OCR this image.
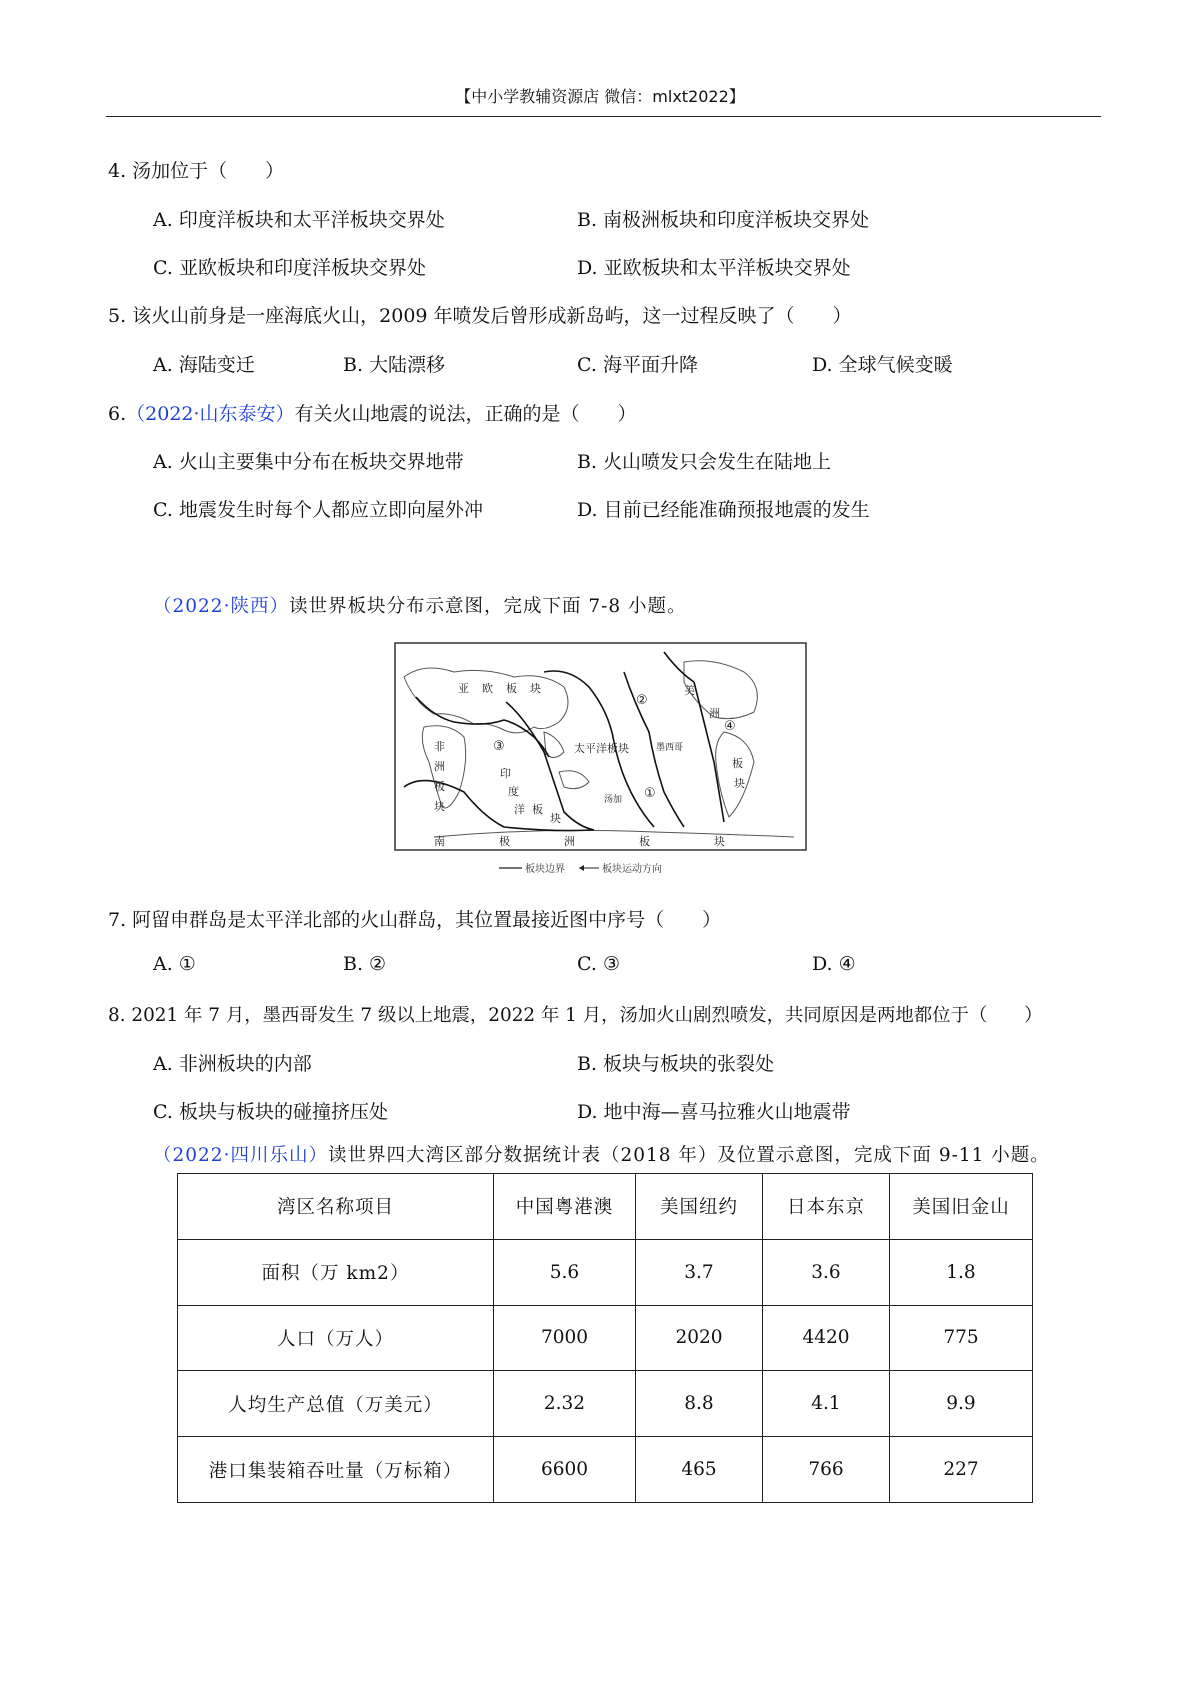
【中小学教辅资源店 微信：mlxt2022】
4. 汤加位于（　　）
A. 印度洋板块和太平洋板块交界处	B. 南极洲板块和印度洋板块交界处
C. 亚欧板块和印度洋板块交界处	D. 亚欧板块和太平洋板块交界处
5. 该火山前身是一座海底火山，2009 年喷发后曾形成新岛屿，这一过程反映了（　　）
A. 海陆变迁	B. 大陆漂移	C. 海平面升降	D. 全球气候变暖
6.（2022·山东泰安）有关火山地震的说法，正确的是（　　）
A. 火山主要集中分布在板块交界地带	B. 火山喷发只会发生在陆地上
C. 地震发生时每个人都应立即向屋外冲	D. 目前已经能准确预报地震的发生
（2022·陕西）读世界板块分布示意图，完成下面 7-8 小题。
亚 欧 板 块
非
洲
板
块
印
度
洋 板
块
太平洋板块	墨西哥
汤加
美
洲
板
块
南	极	洲	板	块
①
②
③
④
板块边界	板块运动方向
7. 阿留申群岛是太平洋北部的火山群岛，其位置最接近图中序号（　　）
A. ①	B. ②	C. ③	D. ④
8. 2021 年 7 月，墨西哥发生 7 级以上地震，2022 年 1 月，汤加火山剧烈喷发，共同原因是两地都位于（　　）
A. 非洲板块的内部	B. 板块与板块的张裂处
C. 板块与板块的碰撞挤压处	D. 地中海—喜马拉雅火山地震带
（2022·四川乐山）读世界四大湾区部分数据统计表（2018 年）及位置示意图，完成下面 9-11 小题。
湾区名称项目	中国粤港澳	美国纽约	日本东京	美国旧金山
面积（万 km2）	5.6	3.7	3.6	1.8
人口（万人）	7000	2020	4420	775
人均生产总值（万美元）	2.32	8.8	4.1	9.9
港口集装箱吞吐量（万标箱）	6600	465	766	227
